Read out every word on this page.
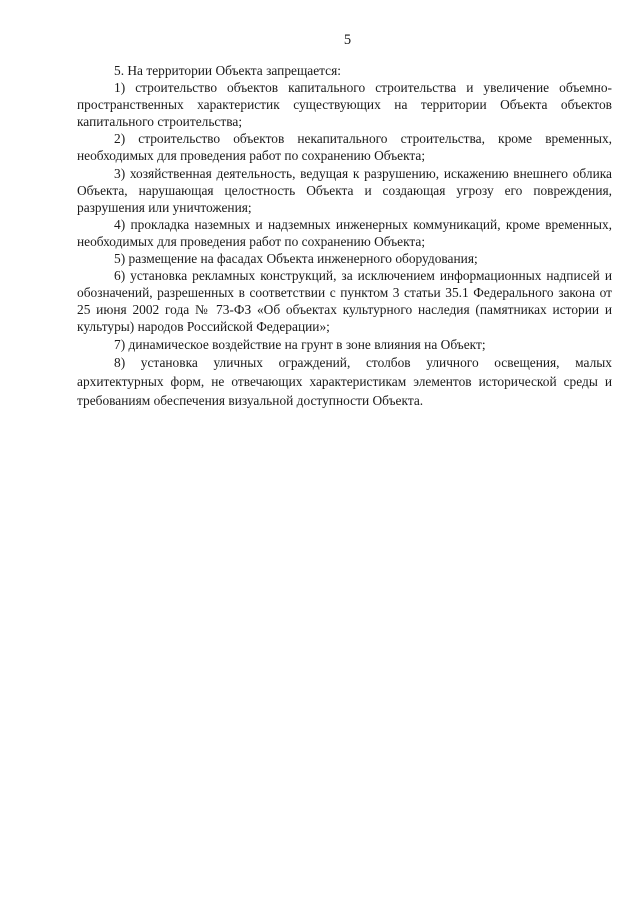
5

5. На территории Объекта запрещается:

1) строительство объектов капитального строительства и увеличение объемно-пространственных характеристик существующих на территории Объекта объектов капитального строительства;

2) строительство объектов некапитального строительства, кроме временных, необходимых для проведения работ по сохранению Объекта;

3) хозяйственная деятельность, ведущая к разрушению, искажению внешнего облика Объекта, нарушающая целостность Объекта и создающая угрозу его повреждения, разрушения или уничтожения;

4) прокладка наземных и надземных инженерных коммуникаций, кроме временных, необходимых для проведения работ по сохранению Объекта;

5) размещение на фасадах Объекта инженерного оборудования;

6) установка рекламных конструкций, за исключением информационных надписей и обозначений, разрешенных в соответствии с пунктом 3 статьи 35.1 Федерального закона от 25 июня 2002 года № 73-ФЗ «Об объектах культурного наследия (памятниках истории и культуры) народов Российской Федерации»;

7) динамическое воздействие на грунт в зоне влияния на Объект;

8) установка уличных ограждений, столбов уличного освещения, малых архитектурных форм, не отвечающих характеристикам элементов исторической среды и требованиям обеспечения визуальной доступности Объекта.
